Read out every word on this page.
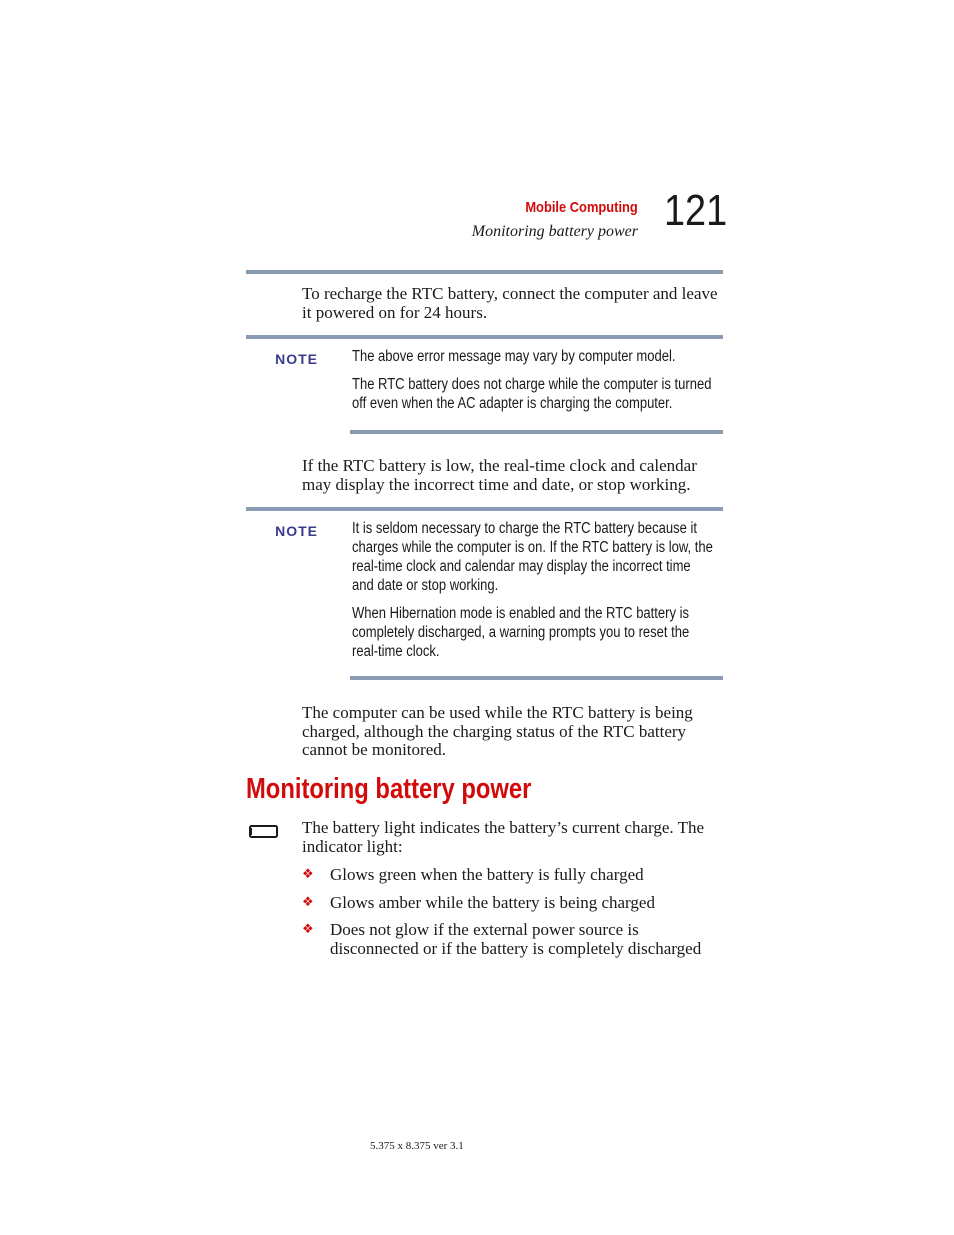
Mobile Computing
Monitoring battery power 121
To recharge the RTC battery, connect the computer and leave it powered on for 24 hours.
NOTE The above error message may vary by computer model.

The RTC battery does not charge while the computer is turned off even when the AC adapter is charging the computer.

If the RTC battery is low, the real-time clock and calendar may display the incorrect time and date, or stop working.
NOTE It is seldom necessary to charge the RTC battery because it charges while the computer is on. If the RTC battery is low, the real-time clock and calendar may display the incorrect time and date or stop working.

When Hibernation mode is enabled and the RTC battery is completely discharged, a warning prompts you to reset the real-time clock.

The computer can be used while the RTC battery is being charged, although the charging status of the RTC battery cannot be monitored.
Monitoring battery power
The battery light indicates the battery’s current charge. The indicator light:
❖ Glows green when the battery is fully charged
❖ Glows amber while the battery is being charged
❖ Does not glow if the external power source is disconnected or if the battery is completely discharged
5.375 x 8.375 ver 3.1
